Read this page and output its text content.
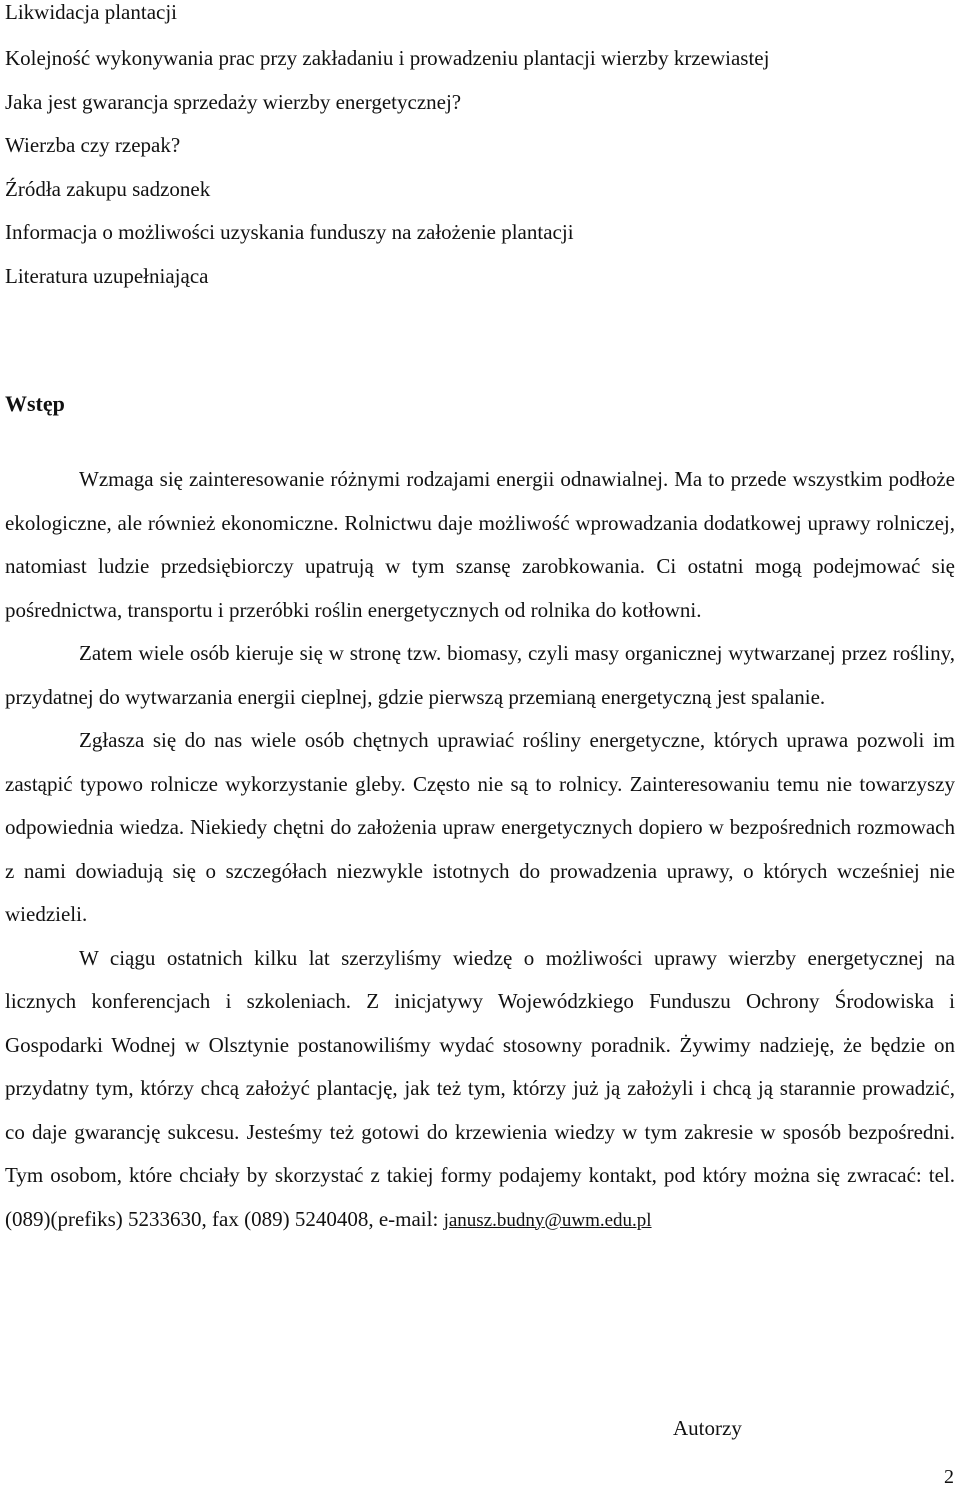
Likwidacja plantacji
Kolejność wykonywania prac przy zakładaniu i prowadzeniu plantacji wierzby krzewiastej
Jaka jest gwarancja sprzedaży wierzby energetycznej?
Wierzba czy rzepak?
Źródła zakupu sadzonek
Informacja o możliwości uzyskania funduszy na założenie plantacji
Literatura uzupełniająca
Wstęp

Wzmaga się zainteresowanie różnymi rodzajami energii odnawialnej. Ma to przede wszystkim podłoże ekologiczne, ale również ekonomiczne. Rolnictwu daje możliwość wprowadzania dodatkowej uprawy rolniczej, natomiast ludzie przedsiębiorczy upatrują w tym szansę zarobkowania. Ci ostatni mogą podejmować się pośrednictwa, transportu i przeróbki roślin energetycznych od rolnika do kotłowni.

Zatem wiele osób kieruje się w stronę tzw. biomasy, czyli masy organicznej wytwarzanej przez rośliny, przydatnej do wytwarzania energii cieplnej, gdzie pierwszą przemianą energetyczną jest spalanie.

Zgłasza się do nas wiele osób chętnych uprawiać rośliny energetyczne, których uprawa pozwoli im zastąpić typowo rolnicze wykorzystanie gleby. Często nie są to rolnicy. Zainteresowaniu temu nie towarzyszy odpowiednia wiedza. Niekiedy chętni do założenia upraw energetycznych dopiero w bezpośrednich rozmowach z nami dowiadują się o szczegółach niezwykle istotnych do prowadzenia uprawy, o których wcześniej nie wiedzieli.

W ciągu ostatnich kilku lat szerzyliśmy wiedzę o możliwości uprawy wierzby energetycznej na licznych konferencjach i szkoleniach. Z inicjatywy Wojewódzkiego Funduszu Ochrony Środowiska i Gospodarki Wodnej w Olsztynie postanowiliśmy wydać stosowny poradnik. Żywimy nadzieję, że będzie on przydatny tym, którzy chcą założyć plantację, jak też tym, którzy już ją założyli i chcą ją starannie prowadzić, co daje gwarancję sukcesu. Jesteśmy też gotowi do krzewienia wiedzy w tym zakresie w sposób bezpośredni. Tym osobom, które chciały by skorzystać z takiej formy podajemy kontakt, pod który można się zwracać: tel. (089)(prefiks) 5233630, fax (089) 5240408, e-mail: janusz.budny@uwm.edu.pl

Autorzy
2
